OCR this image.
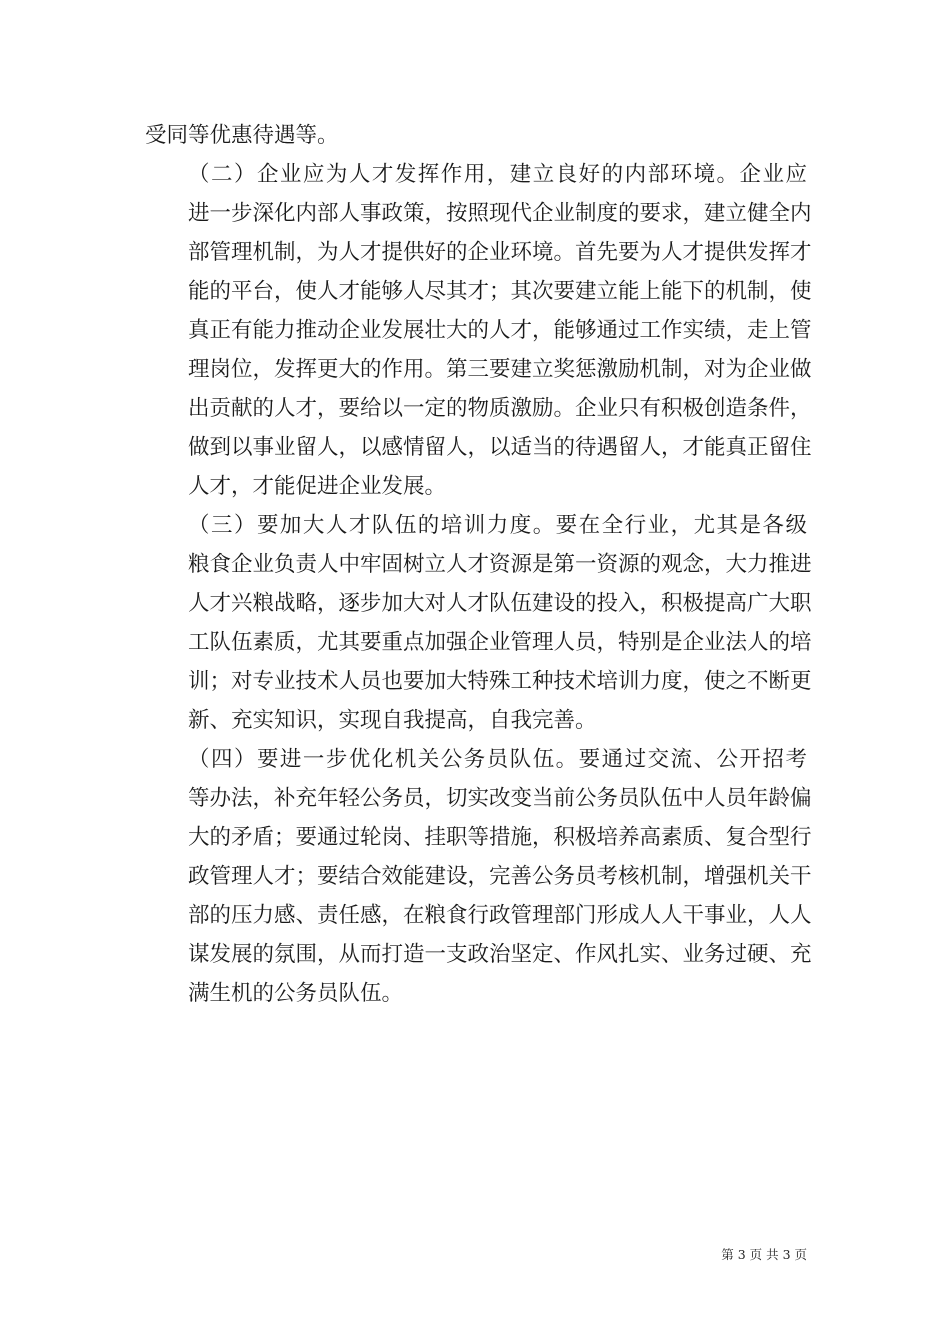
受同等优惠待遇等。

（二）企业应为人才发挥作用，建立良好的内部环境。企业应
进一步深化内部人事政策，按照现代企业制度的要求，建立健全内
部管理机制，为人才提供好的企业环境。首先要为人才提供发挥才
能的平台，使人才能够人尽其才；其次要建立能上能下的机制，使
真正有能力推动企业发展壮大的人才，能够通过工作实绩，走上管
理岗位，发挥更大的作用。第三要建立奖惩激励机制，对为企业做
出贡献的人才，要给以一定的物质激励。企业只有积极创造条件，
做到以事业留人，以感情留人，以适当的待遇留人，才能真正留住
人才，才能促进企业发展。

（三）要加大人才队伍的培训力度。要在全行业，尤其是各级
粮食企业负责人中牢固树立人才资源是第一资源的观念，大力推进
人才兴粮战略，逐步加大对人才队伍建设的投入，积极提高广大职
工队伍素质，尤其要重点加强企业管理人员，特别是企业法人的培
训；对专业技术人员也要加大特殊工种技术培训力度，使之不断更
新、充实知识，实现自我提高，自我完善。

（四）要进一步优化机关公务员队伍。要通过交流、公开招考
等办法，补充年轻公务员，切实改变当前公务员队伍中人员年龄偏
大的矛盾；要通过轮岗、挂职等措施，积极培养高素质、复合型行
政管理人才；要结合效能建设，完善公务员考核机制，增强机关干
部的压力感、责任感，在粮食行政管理部门形成人人干事业，人人
谋发展的氛围，从而打造一支政治坚定、作风扎实、业务过硬、充
满生机的公务员队伍。

第 3 页 共 3 页
